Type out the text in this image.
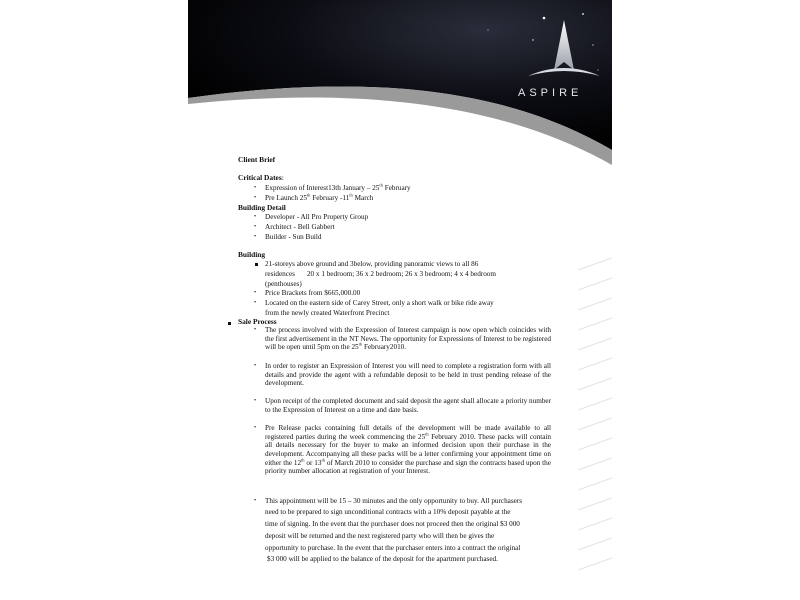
ASPIRE
Client Brief
Critical Dates:
• Expression of Interest13th January – 25th February
• Pre Launch 25th February -11th March
Building Detail
• Developer - All Pro Property Group
• Architect - Bell Gabbert
• Builder - Sun Build
Building
21-storeys above ground and 3below, providing panoramic views to all 86
residences 20 x 1 bedroom; 36 x 2 bedroom; 26 x 3 bedroom; 4 x 4 bedroom
(penthouses)
• Price Brackets from $665,000.00
• Located on the eastern side of Carey Street, only a short walk or bike ride away
from the newly created Waterfront Precinct
Sale Process
• The process involved with the Expression of Interest campaign is now open which coincides with the first advertisement in the NT News. The opportunity for Expressions of Interest to be registered will be open until 5pm on the 25th February2010.

• In order to register an Expression of Interest you will need to complete a registration form with all details and provide the agent with a refundable deposit to be held in trust pending release of the development.
• Upon receipt of the completed document and said deposit the agent shall allocate a priority number to the Expression of Interest on a time and date basis.
• Pre Release packs containing full details of the development will be made available to all registered parties during the week commencing the 25th February 2010. These packs will contain all details necessary for the buyer to make an informed decision upon their purchase in the development. Accompanying all these packs will be a letter confirming your appointment time on either the 12th or 13th of March 2010 to consider the purchase and sign the contracts based upon the priority number allocation at registration of your Interest.

• This appointment will be 15 – 30 minutes and the only opportunity to buy. All purchasers
need to be prepared to sign unconditional contracts with a 10% deposit payable at the
time of signing. In the event that the purchaser does not proceed then the original $3 000
deposit will be returned and the next registered party who will then be gives the
opportunity to purchase. In the event that the purchaser enters into a contract the original
$3 000 will be applied to the balance of the deposit for the apartment purchased.
